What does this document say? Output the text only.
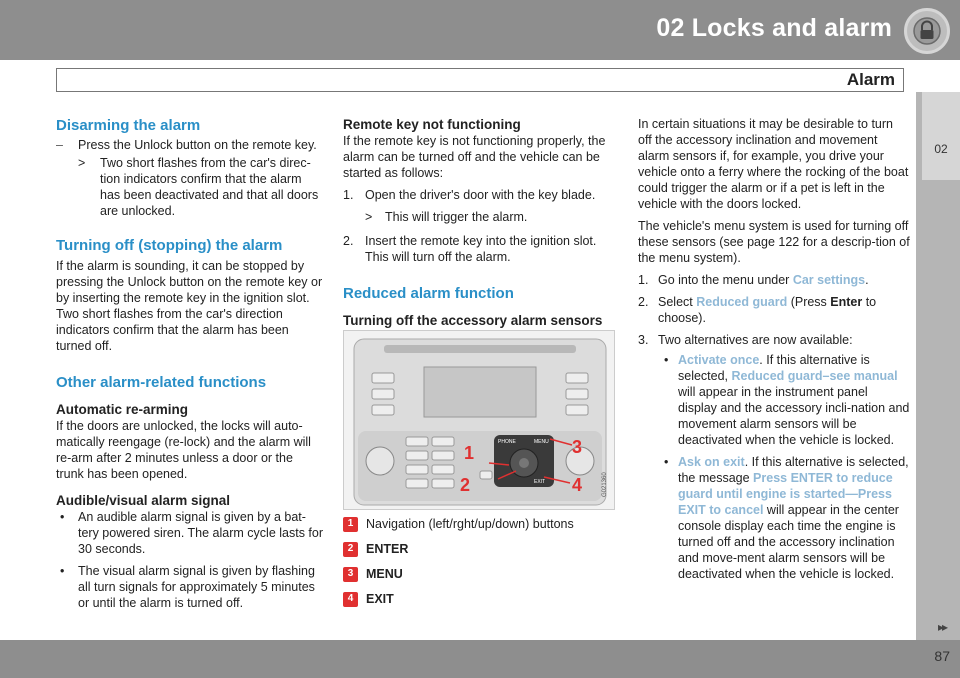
02 Locks and alarm
Alarm
02
Disarming the alarm
– Press the Unlock button on the remote key.
> Two short flashes from the car's direc-tion indicators confirm that the alarm has been deactivated and that all doors are unlocked.
Turning off (stopping) the alarm
If the alarm is sounding, it can be stopped by pressing the Unlock button on the remote key or by inserting the remote key in the ignition slot. Two short flashes from the car's direction indicators confirm that the alarm has been turned off.
Other alarm-related functions
Automatic re-arming
If the doors are unlocked, the locks will auto-matically reengage (re-lock) and the alarm will re-arm after 2 minutes unless a door or the trunk has been opened.
Audible/visual alarm signal
• An audible alarm signal is given by a bat-tery powered siren. The alarm cycle lasts for 30 seconds.
• The visual alarm signal is given by flashing all turn signals for approximately 5 minutes or until the alarm is turned off.
Remote key not functioning
If the remote key is not functioning properly, the alarm can be turned off and the vehicle can be started as follows:
1. Open the driver's door with the key blade.
> This will trigger the alarm.
2. Insert the remote key into the ignition slot. This will turn off the alarm.
Reduced alarm function
Turning off the accessory alarm sensors
PHONE	MENU
EXIT
1
2
3
4	G021360
1	Navigation (left/rght/up/down) buttons
2	ENTER
3	MENU
4	EXIT
In certain situations it may be desirable to turn off the accessory inclination and movement alarm sensors if, for example, you drive your vehicle onto a ferry where the rocking of the boat could trigger the alarm or if a pet is left in the vehicle with the doors locked.
The vehicle's menu system is used for turning off these sensors (see page 122 for a descrip-tion of the menu system).
1. Go into the menu under Car settings.
2. Select Reduced guard (Press Enter to choose).
3. Two alternatives are now available:
• Activate once. If this alternative is selected, Reduced guard–see manual will appear in the instrument panel display and the accessory incli-nation and movement alarm sensors will be deactivated when the vehicle is locked.
• Ask on exit. If this alternative is selected, the message Press ENTER to reduce guard until engine is started—Press EXIT to cancel will appear in the center console display each time the engine is turned off and the accessory inclination and move-ment alarm sensors will be deactivated when the vehicle is locked.
▸▸
87
